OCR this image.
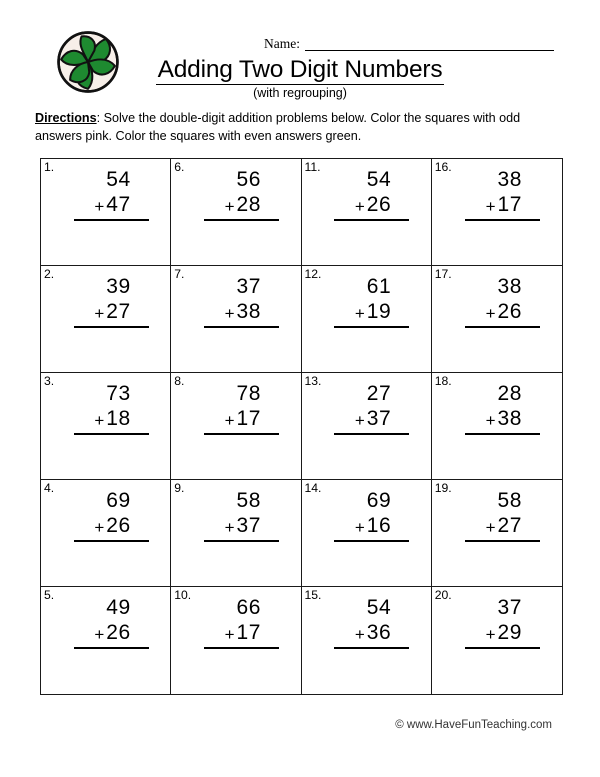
Name:
Adding Two Digit Numbers
(with regrouping)
Directions: Solve the double-digit addition problems below. Color the squares with odd answers pink. Color the squares with even answers green.
1.
54
+ 47
6.
56
+ 28
11.
54
+ 26
16.
38
+ 17
2.
39
+ 27
7.
37
+ 38
12.
61
+ 19
17.
38
+ 26
3.
73
+ 18
8.
78
+ 17
13.
27
+ 37
18.
28
+ 38
4.
69
+ 26
9.
58
+ 37
14.
69
+ 16
19.
58
+ 27
5.
49
+ 26
10.
66
+ 17
15.
54
+ 36
20.
37
+ 29
© www.HaveFunTeaching.com
